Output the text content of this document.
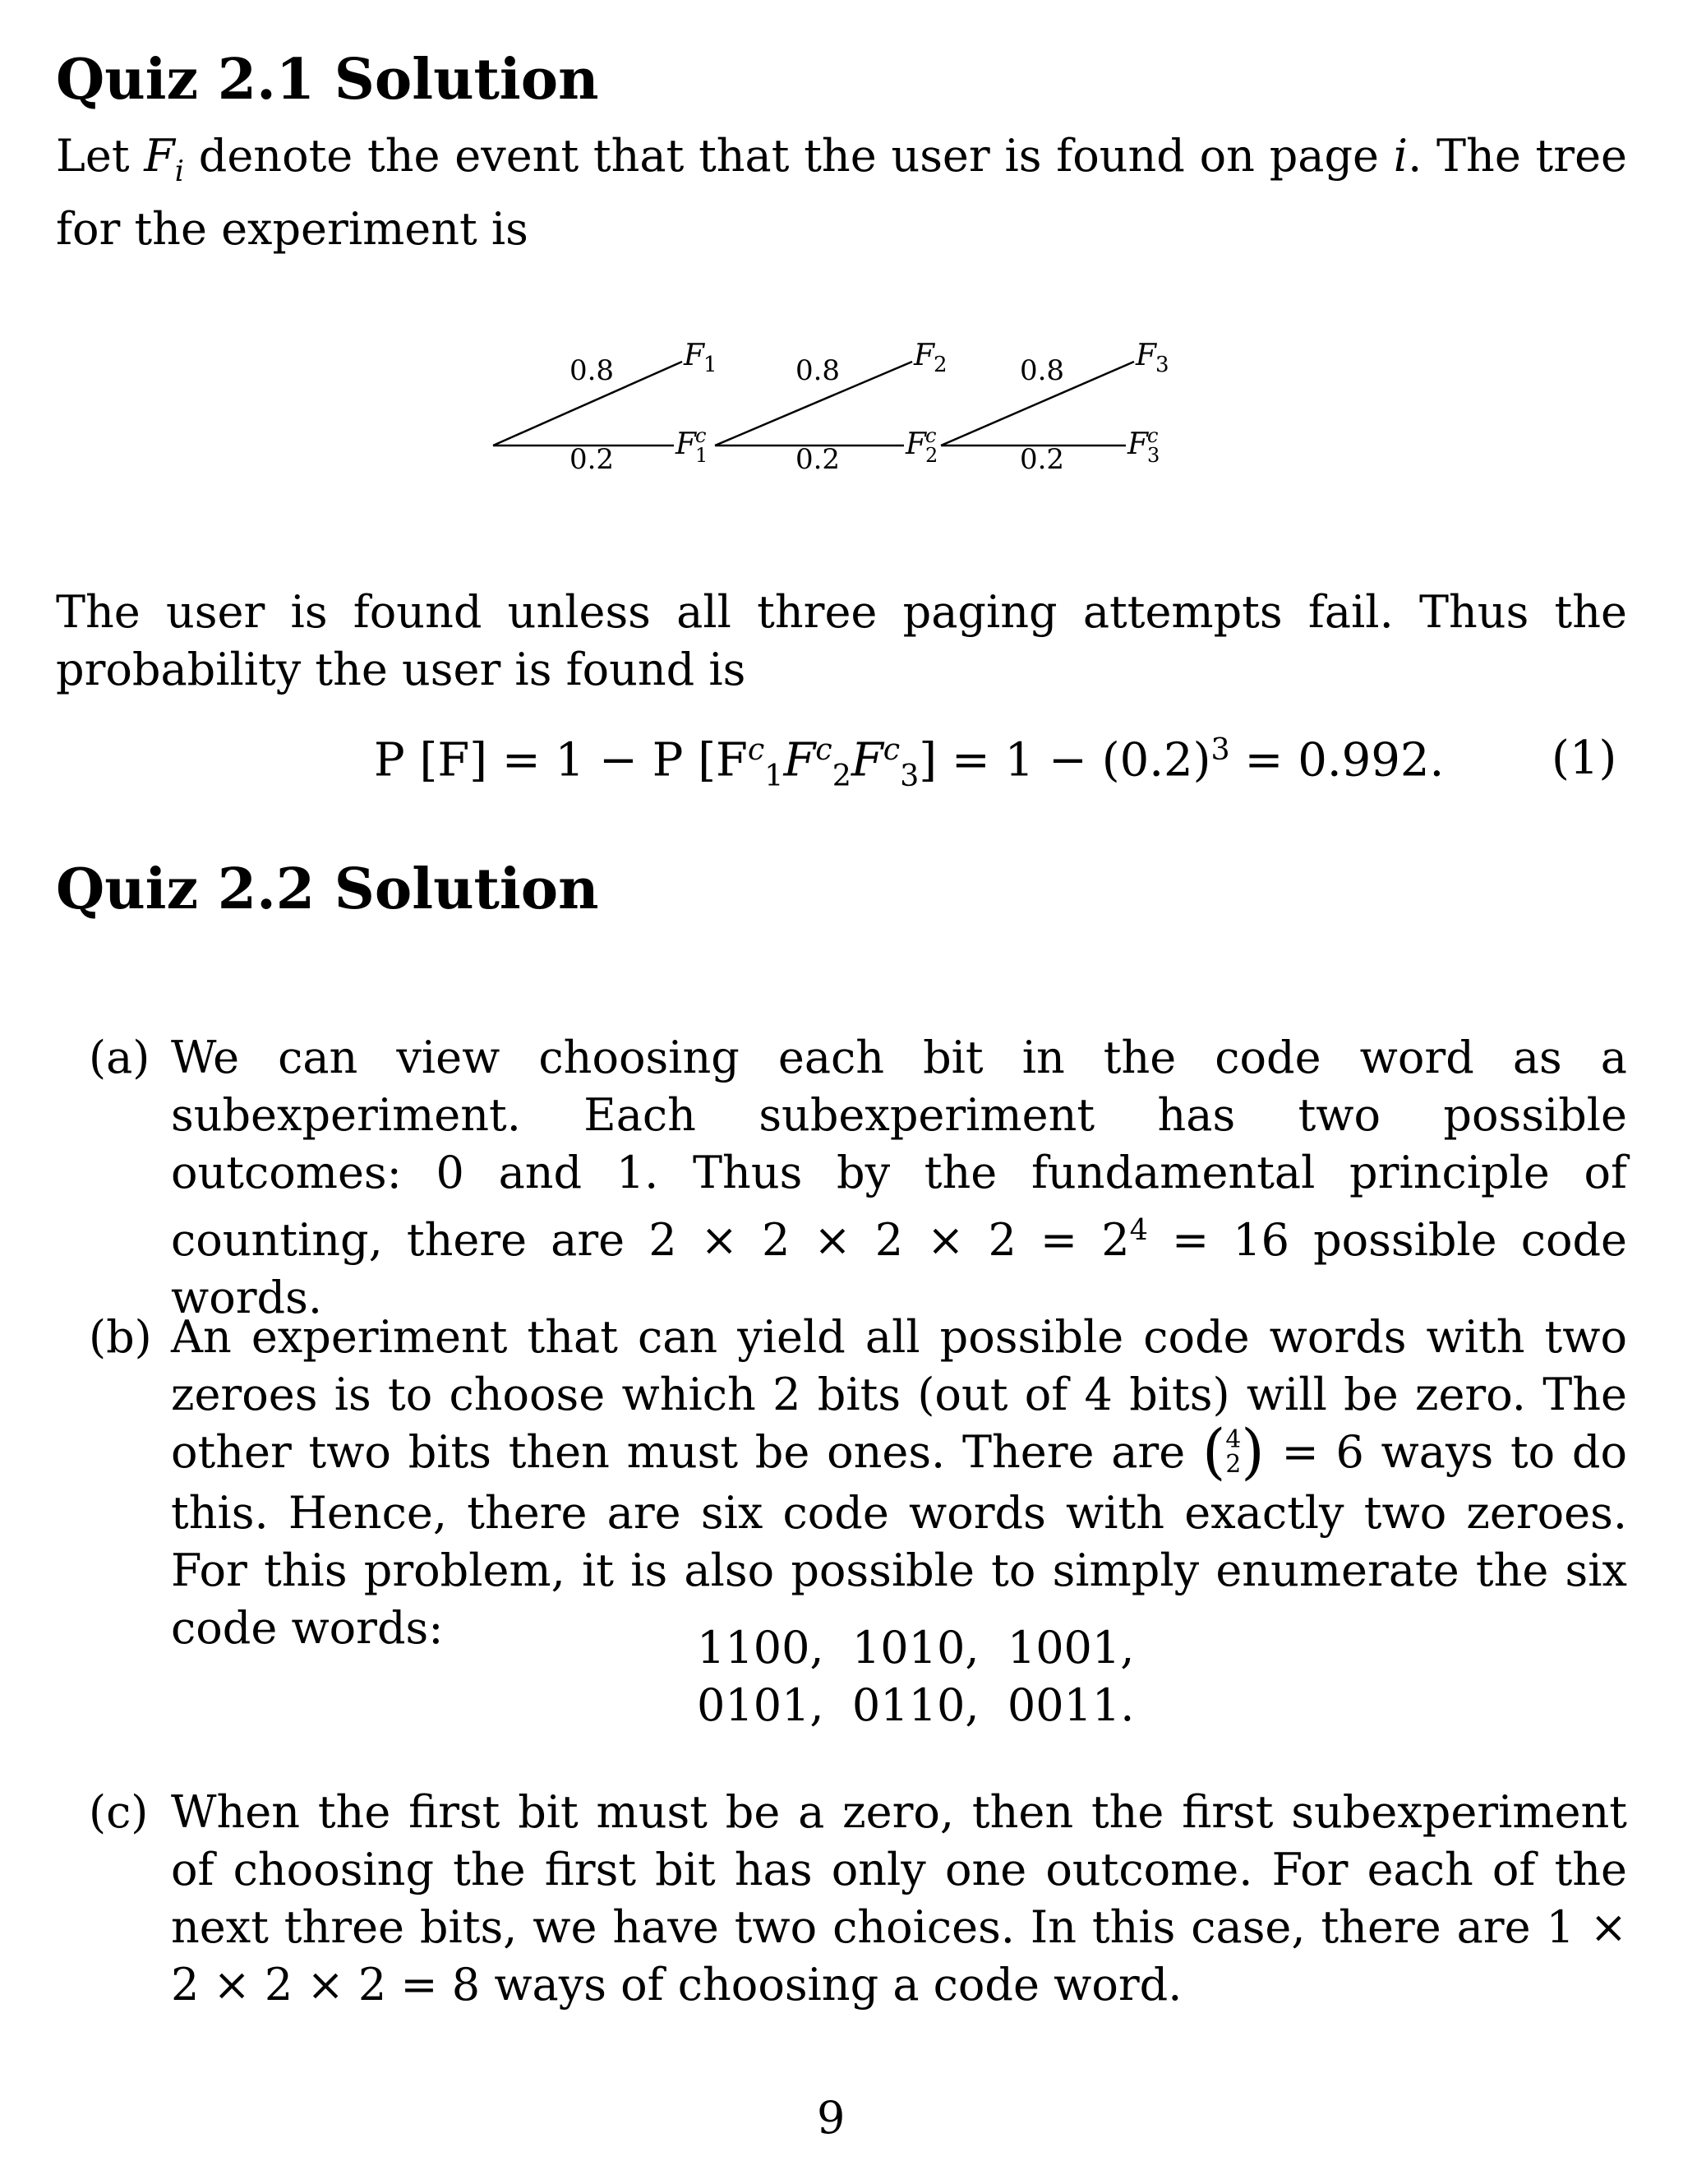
Quiz 2.1 Solution
Let $F_i$ denote the event that that the user is found on page i. The tree for the experiment is
0.8
0.2
0.8
0.2
0.8
0.2
F 1	F 2	F 3
F c
1	F c
2	F c
3
The user is found unless all three paging attempts fail. Thus the probability the user is found is
P [F] = 1 − P $[F^c_1F^c_2F^c_3] = 1 - (0.2)^3 = 0.992$. (1)
Quiz 2.2 Solution
(a) We can view choosing each bit in the code word as a subexperiment. Each subexperiment has two possible outcomes: 0 and 1. Thus by the fundamental principle of counting, there are $2 \times 2 \times 2 \times 2 = 2^4 = 16$ possible code words.
(b) An experiment that can yield all possible code words with two zeroes is to choose which 2 bits (out of 4 bits) will be zero. The other two bits then must be ones. There are (4
2) = 6 ways to do this. Hence, there are six code words with exactly two zeroes. For this problem, it is also possible to simply enumerate the six code words:	1100,  1010,  1001,
0101,  0110,  0011.
(c) When the first bit must be a zero, then the first subexperiment of choosing the first bit has only one outcome. For each of the next three bits, we have two choices. In this case, there are 1 × 2 × 2 × 2 = 8 ways of choosing a code word.
9
